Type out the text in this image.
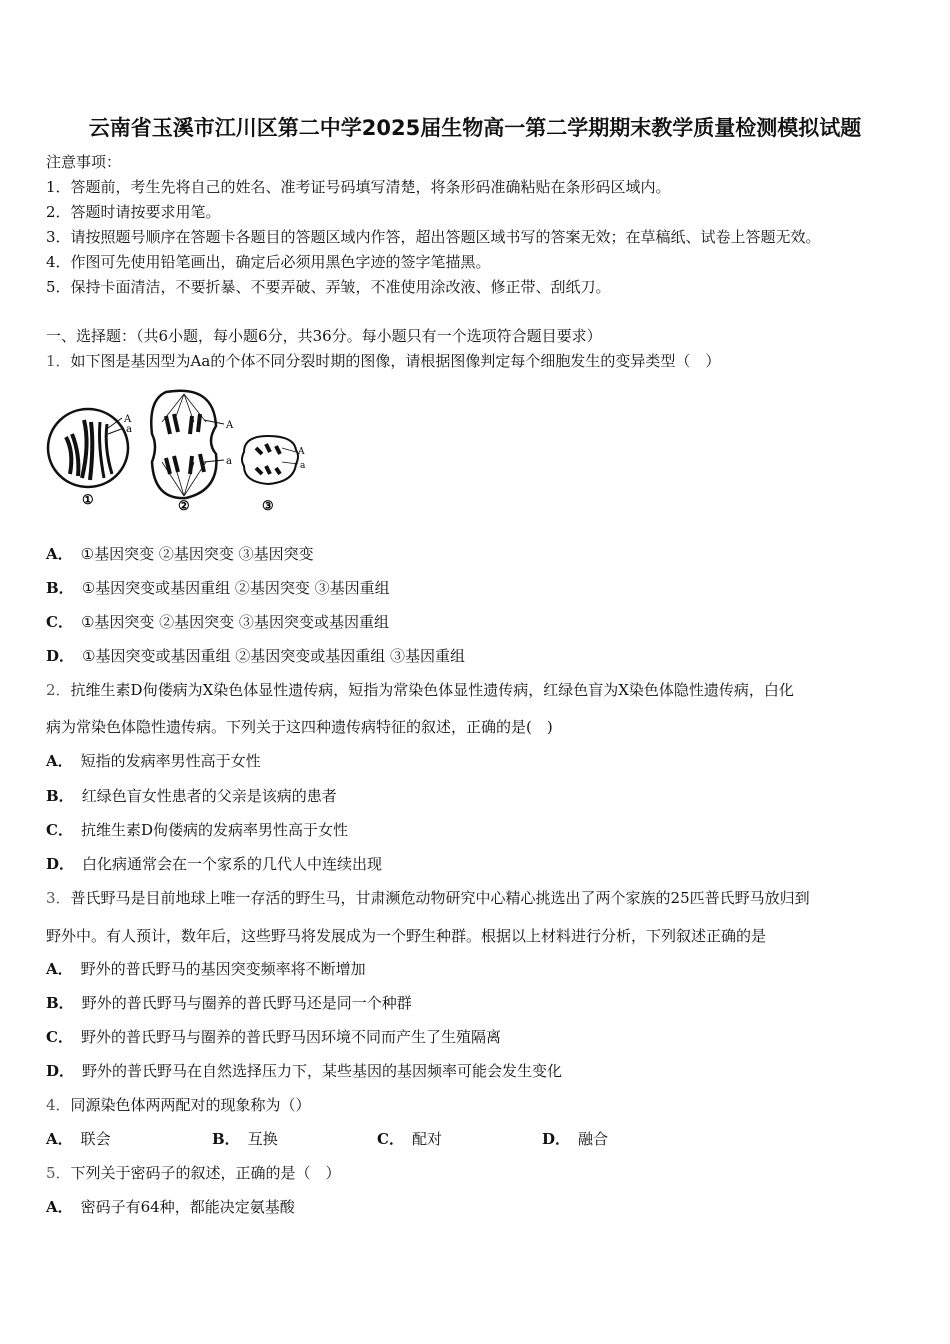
云南省玉溪市江川区第二中学2025届生物高一第二学期期末教学质量检测模拟试题
注意事项：
1．答题前，考生先将自己的姓名、准考证号码填写清楚，将条形码准确粘贴在条形码区域内。
2．答题时请按要求用笔。
3．请按照题号顺序在答题卡各题目的答题区域内作答，超出答题区域书写的答案无效；在草稿纸、试卷上答题无效。
4．作图可先使用铅笔画出，确定后必须用黑色字迹的签字笔描黑。
5．保持卡面清洁，不要折暴、不要弄破、弄皱，不准使用涂改液、修正带、刮纸刀。
一、选择题：（共6小题，每小题6分，共36分。每小题只有一个选项符合题目要求）
1．如下图是基因型为Aa的个体不同分裂时期的图像，请根据图像判定每个细胞发生的变异类型（　）
A
a
①
A
a
②
A
a
③
A． ①基因突变 ②基因突变 ③基因突变
B． ①基因突变或基因重组 ②基因突变 ③基因重组
C． ①基因突变 ②基因突变 ③基因突变或基因重组
D． ①基因突变或基因重组 ②基因突变或基因重组 ③基因重组
2．抗维生素D佝偻病为X染色体显性遗传病，短指为常染色体显性遗传病，红绿色盲为X染色体隐性遗传病，白化
病为常染色体隐性遗传病。下列关于这四种遗传病特征的叙述，正确的是(　)
A． 短指的发病率男性高于女性
B． 红绿色盲女性患者的父亲是该病的患者
C． 抗维生素D佝偻病的发病率男性高于女性
D． 白化病通常会在一个家系的几代人中连续出现
3．普氏野马是目前地球上唯一存活的野生马，甘肃濒危动物研究中心精心挑选出了两个家族的25匹普氏野马放归到
野外中。有人预计，数年后，这些野马将发展成为一个野生种群。根据以上材料进行分析，下列叙述正确的是
A． 野外的普氏野马的基因突变频率将不断增加
B． 野外的普氏野马与圈养的普氏野马还是同一个种群
C． 野外的普氏野马与圈养的普氏野马因环境不同而产生了生殖隔离
D． 野外的普氏野马在自然选择压力下，某些基因的基因频率可能会发生变化
4．同源染色体两两配对的现象称为（）
A． 联会	B． 互换	C． 配对	D． 融合
5．下列关于密码子的叙述，正确的是（　）
A． 密码子有64种，都能决定氨基酸
